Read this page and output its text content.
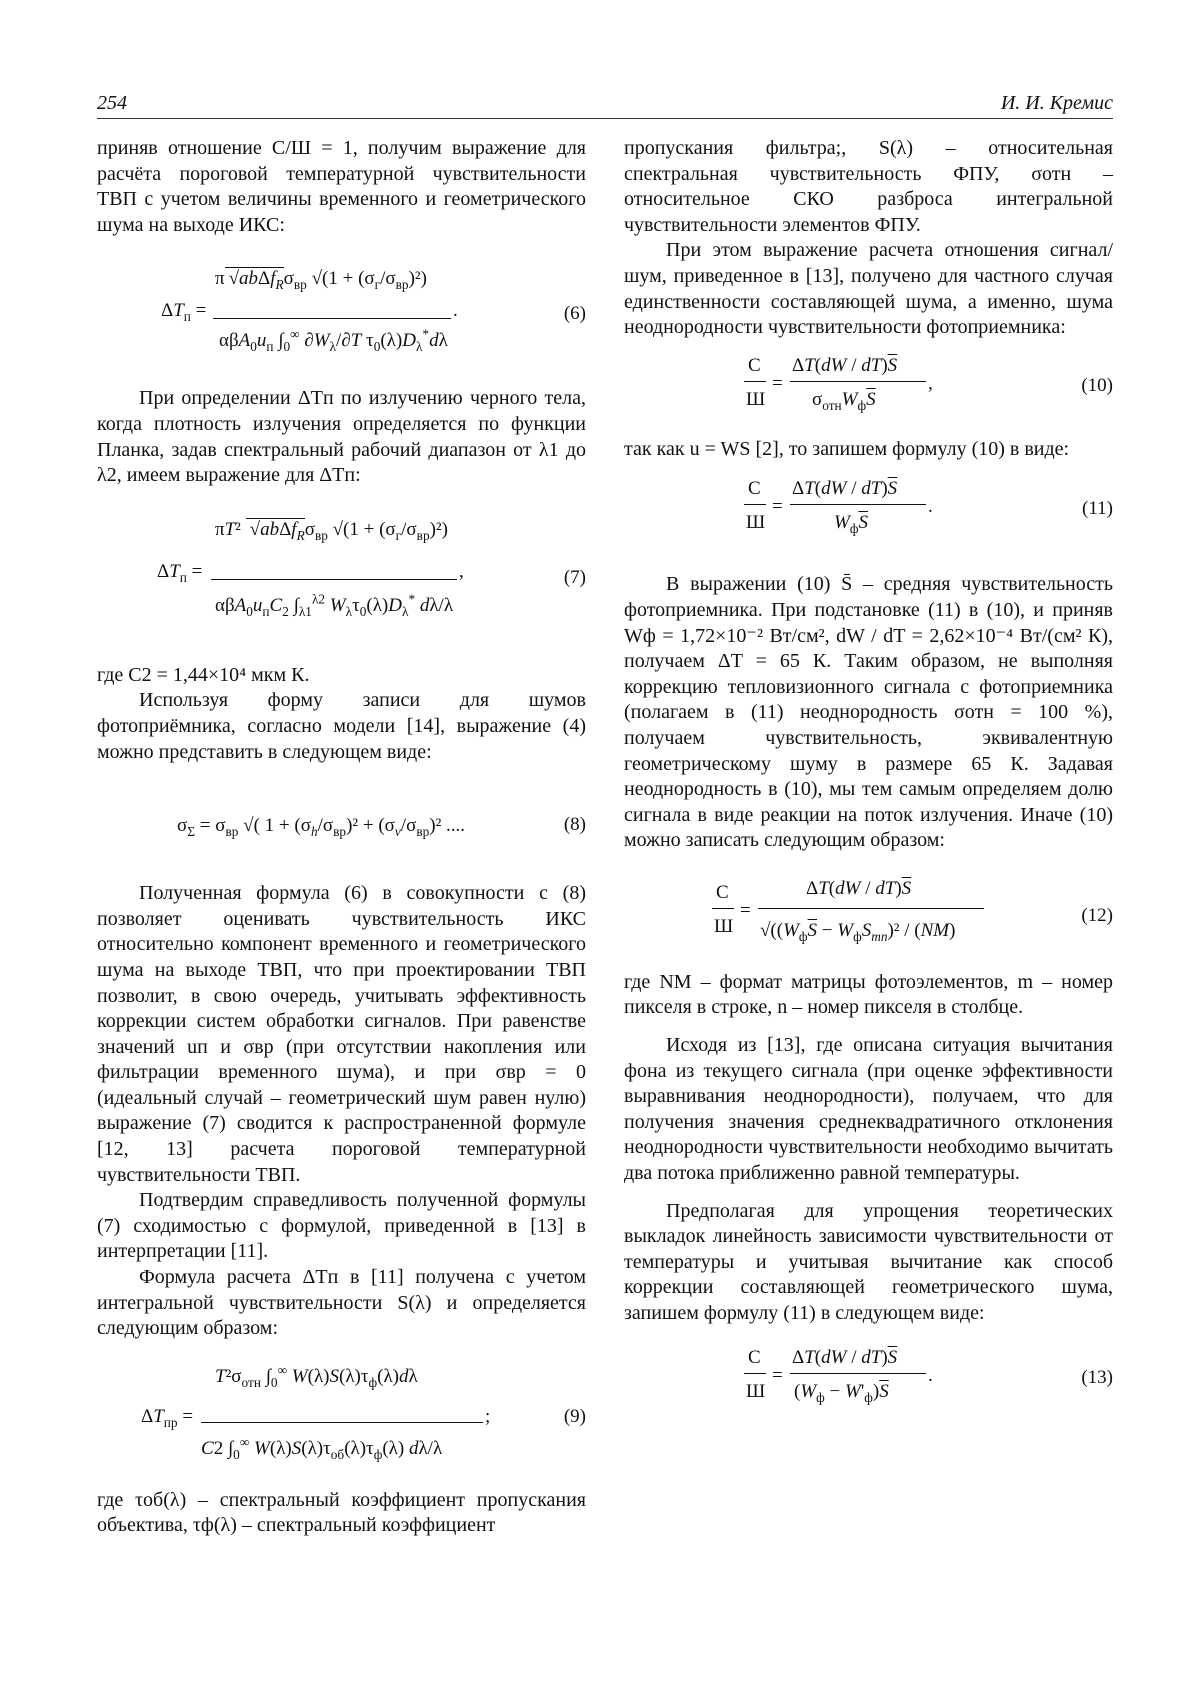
254	И. И. Кремис

приняв отношение С/Ш = 1, получим выражение для расчёта пороговой температурной чувствительности ТВП с учетом величины временного и геометрического шума на выходе ИКС:

$\Delta T_п$ =
π $√ab\Delta f_R\sigma_{вр}$ $√(1 + (\sigma_г/\sigma_{вр})^2)$
$\alpha\beta A_0u_п$ $\int_0^\infty$ $\partial W_\lambda/\partial T$ $\tau_0(\lambda)D_\lambda^*d\lambda$
.	(6)

При определении ΔTп по излучению черного тела, когда плотность излучения определяется по функции Планка, задав спектральный рабочий диапазон от λ1 до λ2, имеем выражение для ΔTп:

$\Delta T_п$ =
πT² $√ab\Delta f_R\sigma_{вр}$ $√(1 + (\sigma_г/\sigma_{вр})^2)$
$\alpha\beta A_0u_пC_2$ $\int_{\lambda 1}^{\lambda 2}$ $W_\lambda\tau_0(\lambda)D_\lambda^*$ dλ/λ
,	(7)

где C2 = 1,44×10⁴ мкм К.

Используя форму записи для шумов фотоприёмника, согласно модели [14], выражение (4) можно представить в следующем виде:

$\sigma_\Sigma = \sigma_{вр}$ √( $1 + (\sigma_h/\sigma_{вр})^2 + (\sigma_v/\sigma_{вр})^2$ ....	(8)

Полученная формула (6) в совокупности с (8) позволяет оценивать чувствительность ИКС относительно компонент временного и геометрического шума на выходе ТВП, что при проектировании ТВП позволит, в свою очередь, учитывать эффективность коррекции систем обработки сигналов. При равенстве значений uп и σвр (при отсутствии накопления или фильтрации временного шума), и при σвр = 0 (идеальный случай – геометрический шум равен нулю) выражение (7) сводится к распространенной формуле [12, 13] расчета пороговой температурной чувствительности ТВП.

Подтвердим справедливость полученной формулы (7) сходимостью с формулой, приведенной в [13] в интерпретации [11].

Формула расчета ΔTп в [11] получена с учетом интегральной чувствительности S(λ) и определяется следующим образом:

$\Delta T_{пр}$ =
$T^2\sigma_{отн}$ $\int_0^\infty$ $W(\lambda)S(\lambda)\tau_ф(\lambda)d\lambda$
C2 $\int_0^\infty$ $W(\lambda)S(\lambda)\tau_{об}(\lambda)\tau_ф(\lambda)$ dλ/λ
;	(9)

где τоб(λ) – спектральный коэффициент пропускания объектива, τф(λ) – спектральный коэффициент

пропускания фильтра;, S(λ) – относительная спектральная чувствительность ФПУ, σотн – относительное СКО разброса интегральной чувствительности элементов ФПУ.

При этом выражение расчета отношения сигнал/шум, приведенное в [13], получено для частного случая единственности составляющей шума, а именно, шума неоднородности чувствительности фотоприемника:

С
Ш
=
$\Delta T(dW / dT)\overline{S}$
$\sigma_{отн}W_ф\overline{S}$
,	(10)

так как u = WS [2], то запишем формулу (10) в виде:

С
Ш
=
$\Delta T(dW / dT)\overline{S}$
$W_ф\overline{S}$
.	(11)

В выражении (10) S̄ – средняя чувствительность фотоприемника. При подстановке (11) в (10), и приняв Wф = 1,72×10⁻² Вт/см², dW / dT = 2,62×10⁻⁴ Вт/(см² К), получаем ΔT = 65 К. Таким образом, не выполняя коррекцию тепловизионного сигнала с фотоприемника (полагаем в (11) неоднородность σотн = 100 %), получаем чувствительность, эквивалентную геометрическому шуму в размере 65 К. Задавая неоднородность в (10), мы тем самым определяем долю сигнала в виде реакции на поток излучения. Иначе (10) можно записать следующим образом:

С
Ш
=
$\Delta T(dW / dT)\overline{S}$
$√((W_ф\overline{S} - W_фS_{mn})^2 / (NM)$
(12)

где NM – формат матрицы фотоэлементов, m – номер пикселя в строке, n – номер пикселя в столбце.

Исходя из [13], где описана ситуация вычитания фона из текущего сигнала (при оценке эффективности выравнивания неоднородности), получаем, что для получения значения среднеквадратичного отклонения неоднородности чувствительности необходимо вычитать два потока приближенно равной температуры.

Предполагая для упрощения теоретических выкладок линейность зависимости чувствительности от температуры и учитывая вычитание как способ коррекции составляющей геометрического шума, запишем формулу (11) в следующем виде:

С
Ш
=
$\Delta T(dW / dT)\overline{S}$
$(W_ф - W'_ф)\overline{S}$
.	(13)
